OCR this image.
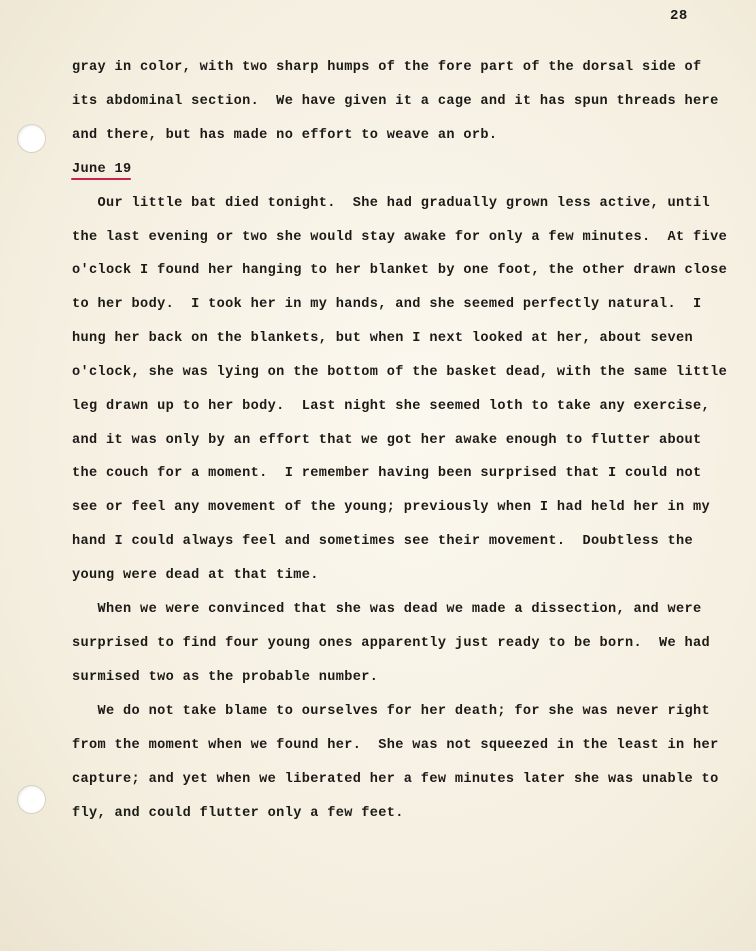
28
gray in color, with two sharp humps of the fore part of the dorsal side of
its abdominal section.  We have given it a cage and it has spun threads here
and there, but has made no effort to weave an orb.
June 19
Our little bat died tonight.  She had gradually grown less active, until
the last evening or two she would stay awake for only a few minutes.  At five
o'clock I found her hanging to her blanket by one foot, the other drawn close
to her body.  I took her in my hands, and she seemed perfectly natural.  I
hung her back on the blankets, but when I next looked at her, about seven
o'clock, she was lying on the bottom of the basket dead, with the same little
leg drawn up to her body.  Last night she seemed loth to take any exercise,
and it was only by an effort that we got her awake enough to flutter about
the couch for a moment.  I remember having been surprised that I could not
see or feel any movement of the young; previously when I had held her in my
hand I could always feel and sometimes see their movement.  Doubtless the
young were dead at that time.
When we were convinced that she was dead we made a dissection, and were
surprised to find four young ones apparently just ready to be born.  We had
surmised two as the probable number.
We do not take blame to ourselves for her death; for she was never right
from the moment when we found her.  She was not squeezed in the least in her
capture; and yet when we liberated her a few minutes later she was unable to
fly, and could flutter only a few feet.
